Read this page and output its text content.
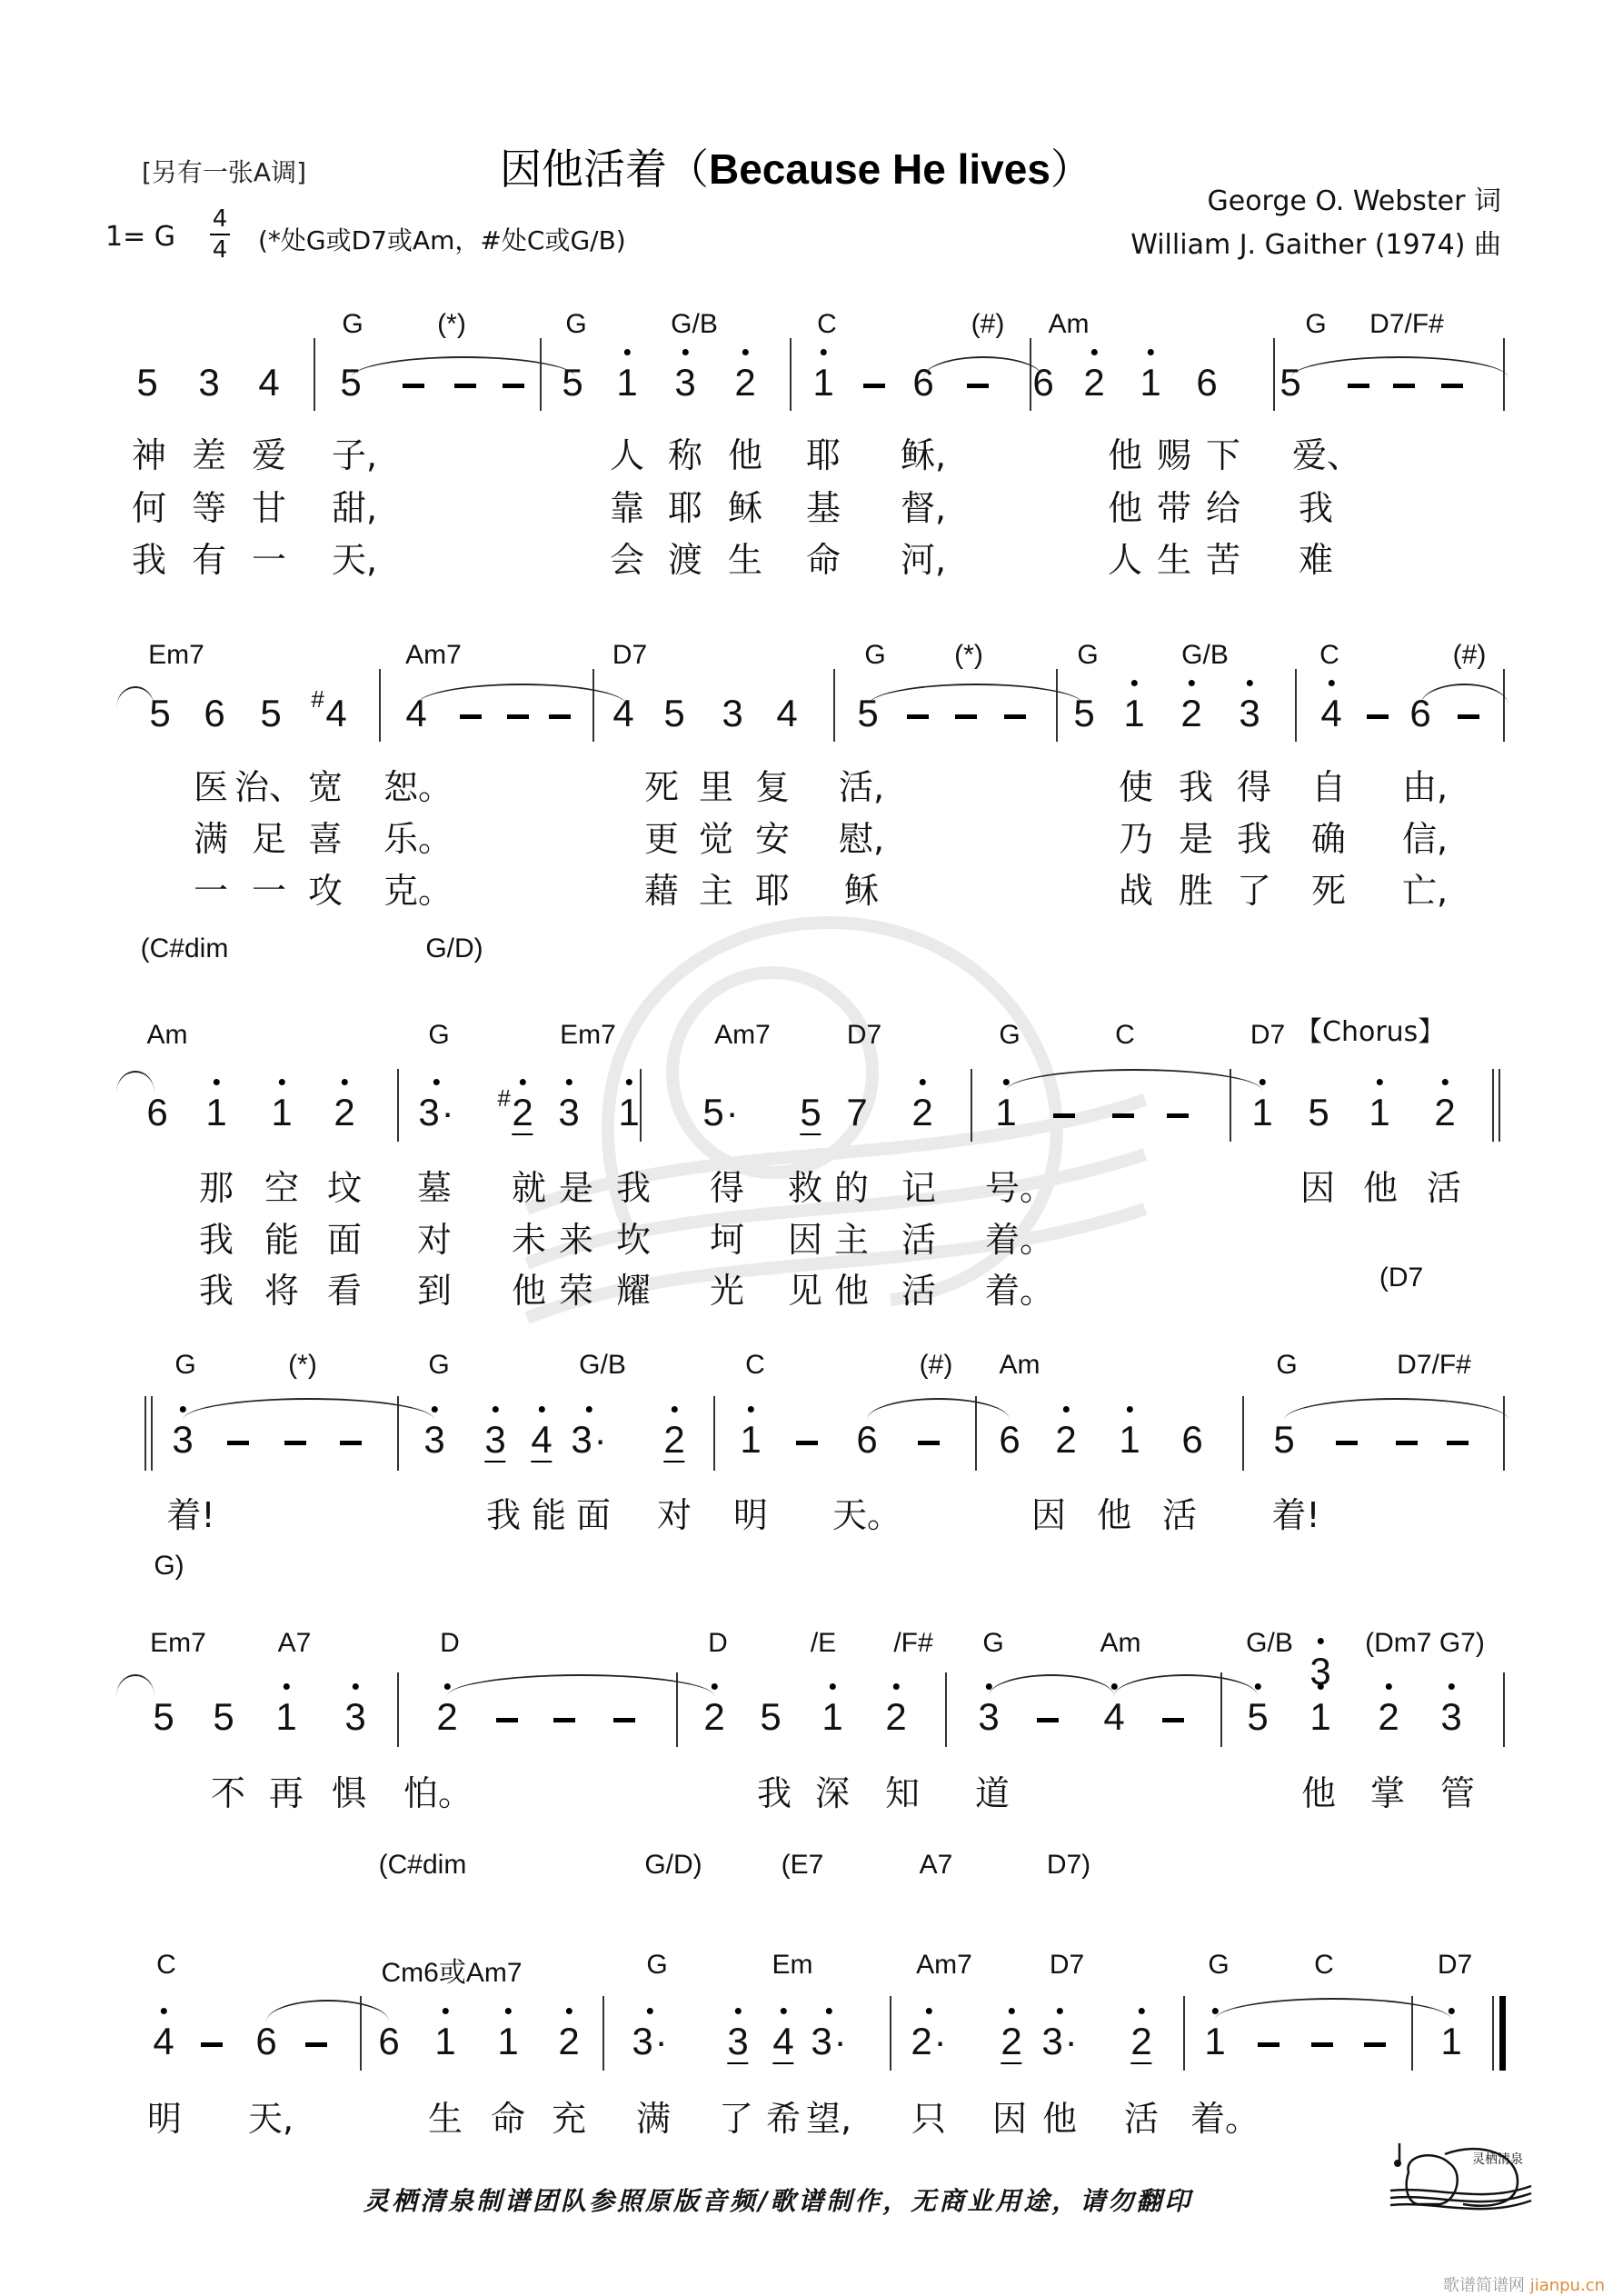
[另有一张A调]	因他活着（Because He lives）
George O. Webster 词
William J. Gaither (1974) 曲
1= G
4
4 (*处G或D7或Am，#处C或G/B)
G	(*)	G	G/B	C	(#) Am	G D7/F#
5 3 4 5	5 1 3 2 1 6	6 2 1 6 5
神 差 爱 子,	人 称 他 耶 稣,	他 赐 下 爱、
何 等 甘 甜,	靠 耶 稣 基 督,	他 带 给 我
我 有 一 天,	会 渡 生 命 河,	人 生 苦 难
Em7	Am7	D7	G	(*)	G	G/B	C	(#)
5 6 5 4
# 4	4 5 3 4 5	5 1 2 3 4 6
医 治、 宽 恕。	死 里 复 活,	使 我 得 自 由,
满 足 喜 乐。	更 觉 安 慰,	乃 是 我 确 信,
一 一 攻 克。	藉 主 耶 稣	战 胜 了 死 亡,
(C#dim	G/D)
Am	G	Em7	Am7	D7	G	C	D7
6 1 1 2 3
· 2
# 3 1 5· 5 7 2 1	1 5 1 2
那 空 坟 墓 就 是 我 得 救 的 记 号。	因 他 活
我 能 面 对 未 来 坎 坷 因 主 活 着。
我 将 看 到 他 荣 耀 光 见 他 活 着。	(D7
G	(*)	G	G/B	C	(#) Am	G	D7/F#
3	3 3 4 3
· 2 1 6	6 2 1 6 5
着!	我 能 面 对 明 天。	因 他 活 着!
G)
Em7	A7	D	D	/E /F# G	Am	G/B	(Dm7 G7)
5 5 1 3 2	2 5 1 2 3	4	5 1
3
2 3
不 再 惧 怕。	我 深 知 道	他 掌 管
(C#dim	G/D)	(E7	A7	D7)
C	Cm6或Am7	G	Em	Am7	D7	G	C	D7
4 6	6 1 1 2 3
· 3 4 3
· 2
· 2 3
· 2 1	1
明 天,	生 命 充 满 了 希 望, 只 因 他 活 着。
【Chorus】
灵栖清泉制谱团队参照原版音频/歌谱制作，无商业用途，请勿翻印
灵栖清泉
歌谱简谱网 jianpu.cn
